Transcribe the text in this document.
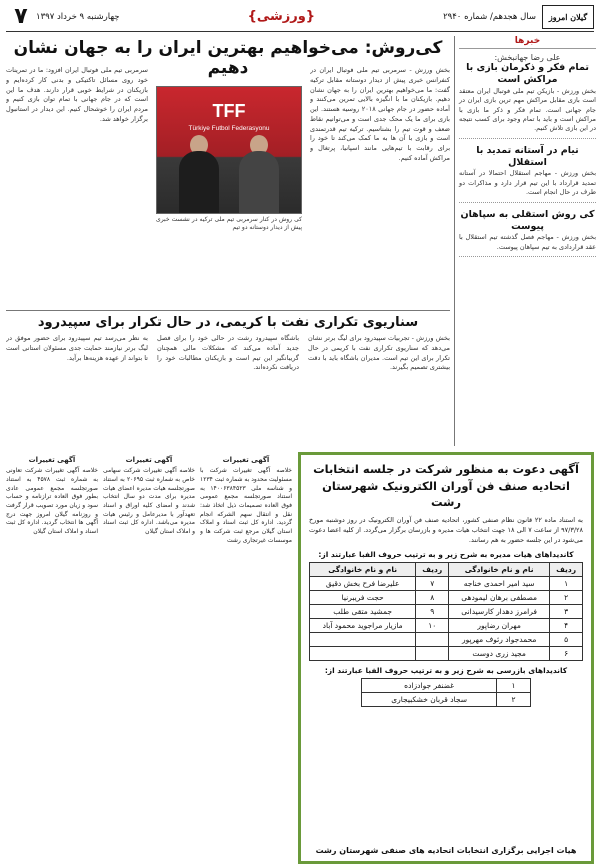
گیلان امروز
سال هجدهم/ شماره ۲۹۴۰
{ورزشی}
چهارشنبه ۹ خرداد ۱۳۹۷
۷
خبرها
علی رضا جهانبخش:
تمام فکر و ذکرمان بازی با مراکش است

بخش ورزش - بازیکن تیم ملی فوتبال ایران معتقد است بازی مقابل مراکش مهم ترین بازی ایران در جام جهانی است. تمام فکر و ذکر ما بازی با مراکش است و باید با تمام وجود برای کسب نتیجه در این بازی تلاش کنیم.

تیام در آستانه تمدید با استقلال

بخش ورزش - مهاجم استقلال احتمالا در آستانه تمدید قرارداد با این تیم قرار دارد و مذاکرات دو طرف در حال انجام است.

کی روش استقلی به سپاهان پیوست

بخش ورزش - مهاجم فصل گذشته تیم استقلال با عقد قراردادی به تیم سپاهان پیوست.

کی‌روش: می‌خواهیم بهترین ایران را به جهان نشان دهیم	بخش ورزش - سرمربی تیم ملی فوتبال ایران در کنفرانس خبری پیش از دیدار دوستانه مقابل ترکیه گفت: ما می‌خواهیم بهترین ایران را به جهان نشان دهیم. بازیکنان ما با انگیزه بالایی تمرین می‌کنند و آماده حضور در جام جهانی ۲۰۱۸ روسیه هستند. این بازی برای ما یک محک جدی است و می‌توانیم نقاط ضعف و قوت تیم را بشناسیم. ترکیه تیم قدرتمندی است و بازی با آن ها به ما کمک می‌کند تا خود را برای رقابت با تیم‌هایی مانند اسپانیا، پرتغال و مراکش آماده کنیم.
TFF
Türkiye Futbol Federasyonu
کی روش در کنار سرمربی تیم ملی ترکیه در نشست خبری پیش از دیدار دوستانه دو تیم
سرمربی تیم ملی فوتبال ایران افزود: ما در تمرینات خود روی مسائل تاکتیکی و بدنی کار کرده‌ایم و بازیکنان در شرایط خوبی قرار دارند. هدف ما این است که در جام جهانی با تمام توان بازی کنیم و مردم ایران را خوشحال کنیم. این دیدار در استانبول برگزار خواهد شد.
سناریوی تکراری نفت با کریمی، در حال تکرار برای سپیدرود
بخش ورزش - تجربیات سپیدرود برای لیگ برتر نشان می‌دهد که سناریوی تکراری نفت با کریمی در حال تکرار برای این تیم است. مدیران باشگاه باید با دقت بیشتری تصمیم بگیرند.
باشگاه سپیدرود رشت در حالی خود را برای فصل جدید آماده می‌کند که مشکلات مالی همچنان گریبانگیر این تیم است و بازیکنان مطالبات خود را دریافت نکرده‌اند.
به نظر می‌رسد تیم سپیدرود برای حضور موفق در لیگ برتر نیازمند حمایت جدی مسئولان استانی است تا بتواند از عهده هزینه‌ها برآید.
آگهی دعوت به منظور شرکت در جلسه انتخابات اتحادیه صنف فن آوران الکترونیک شهرستان رشت

به استناد ماده ۲۲ قانون نظام صنفی کشور، اتحادیه صنف فن آوران الکترونیک در روز دوشنبه مورخ ۹۷/۳/۲۸ از ساعت ۷ الی ۱۸ جهت انتخاب هیات مدیره و بازرسان برگزار می‌گردد. از کلیه اعضا دعوت می‌شود در این جلسه حضور به هم رسانند.

کاندیداهای هیات مدیره به شرح زیر و به ترتیب حروف الفبا عبارتند از:
ردیف	نام و نام خانوادگی	ردیف	نام و نام خانوادگی
۱	سید امیر احمدی خناجه	۷	علیرضا فرح بخش دقیق
۲	مصطفی برهان لیمودهی	۸	حجت فریبرنیا
۳	فرامرز دهدار کارسیدانی	۹	جمشید متقی طلب
۴	مهران رضاپور	۱۰	مازیار مراجوید محمود آباد
۵	محمدجواد رئوف مهرپور		
۶	مجید زری دوست		
کاندیداهای بازرسی به شرح زیر و به ترتیب حروف الفبا عبارتند از:
۱	غضنفر جوادزاده
۲	سجاد قربان خشکبیجاری
هیات اجرایی برگزاری انتخابات اتحادیه های صنفی شهرستان رشت
آگهی تغییرات
خلاصه آگهی تغییرات شرکت با مسئولیت محدود به شماره ثبت ۱۲۳۴ و شناسه ملی ۱۴۰۰۶۳۸۴۵۲۳ به استناد صورتجلسه مجمع عمومی فوق العاده تصمیمات ذیل اتخاذ شد: نقل و انتقال سهم الشرکه انجام گردید. اداره کل ثبت اسناد و املاک استان گیلان مرجع ثبت شرکت ها و موسسات غیرتجاری رشت
آگهی تغییرات
خلاصه آگهی تغییرات شرکت سهامی خاص به شماره ثبت ۲۰۶۹۵ به استناد صورتجلسه هیات مدیره اعضای هیات مدیره برای مدت دو سال انتخاب شدند و امضای کلیه اوراق و اسناد تعهدآور با مدیرعامل و رئیس هیات مدیره می‌باشد. اداره کل ثبت اسناد و املاک استان گیلان
آگهی تغییرات
خلاصه آگهی تغییرات شرکت تعاونی به شماره ثبت ۴۵۷۸ به استناد صورتجلسه مجمع عمومی عادی بطور فوق العاده ترازنامه و حساب سود و زیان مورد تصویب قرار گرفت و روزنامه گیلان امروز جهت درج آگهی ها انتخاب گردید. اداره کل ثبت اسناد و املاک استان گیلان
